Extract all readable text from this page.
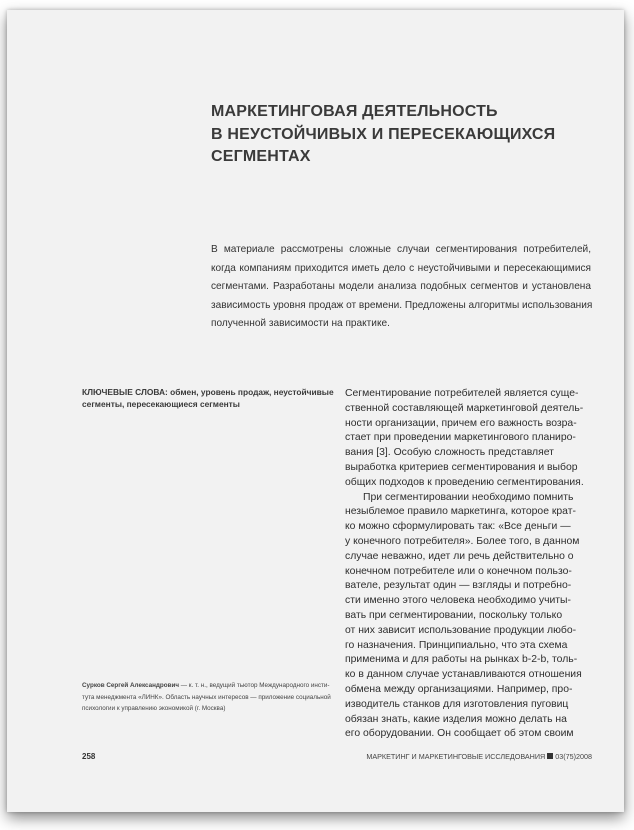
МАРКЕТИНГОВАЯ ДЕЯТЕЛЬНОСТЬ
В НЕУСТОЙЧИВЫХ И ПЕРЕСЕКАЮЩИХСЯ
СЕГМЕНТАХ
В материале рассмотрены сложные случаи сегментирования потребителей,
когда компаниям приходится иметь дело с неустойчивыми и пересекающимися
сегментами. Разработаны модели анализа подобных сегментов и установлена
зависимость уровня продаж от времени. Предложены алгоритмы использования
полученной зависимости на практике.
КЛЮЧЕВЫЕ СЛОВА: обмен, уровень продаж, неустойчивые
сегменты, пересекающиеся сегменты
Сурков Сергей Александрович — к. т. н., ведущий тьютор Международного инсти-
тута менеджмента «ЛИНК». Область научных интересов — приложение социальной
психологии к управлению экономикой (г. Москва)
Сегментирование потребителей является суще-
ственной составляющей маркетинговой деятель-
ности организации, причем его важность возра-
стает при проведении маркетингового планиро-
вания [3]. Особую сложность представляет
выработка критериев сегментирования и выбор
общих подходов к проведению сегментирования.
При сегментировании необходимо помнить
незыблемое правило маркетинга, которое крат-
ко можно сформулировать так: «Все деньги —
у конечного потребителя». Более того, в данном
случае неважно, идет ли речь действительно о
конечном потребителе или о конечном пользо-
вателе, результат один — взгляды и потребно-
сти именно этого человека необходимо учиты-
вать при сегментировании, поскольку только
от них зависит использование продукции любо-
го назначения. Принципиально, что эта схема
применима и для работы на рынках b-2-b, толь-
ко в данном случае устанавливаются отношения
обмена между организациями. Например, про-
изводитель станков для изготовления пуговиц
обязан знать, какие изделия можно делать на
его оборудовании. Он сообщает об этом своим
258	МАРКЕТИНГ И МАРКЕТИНГОВЫЕ ИССЛЕДОВАНИЯ 03(75)2008
